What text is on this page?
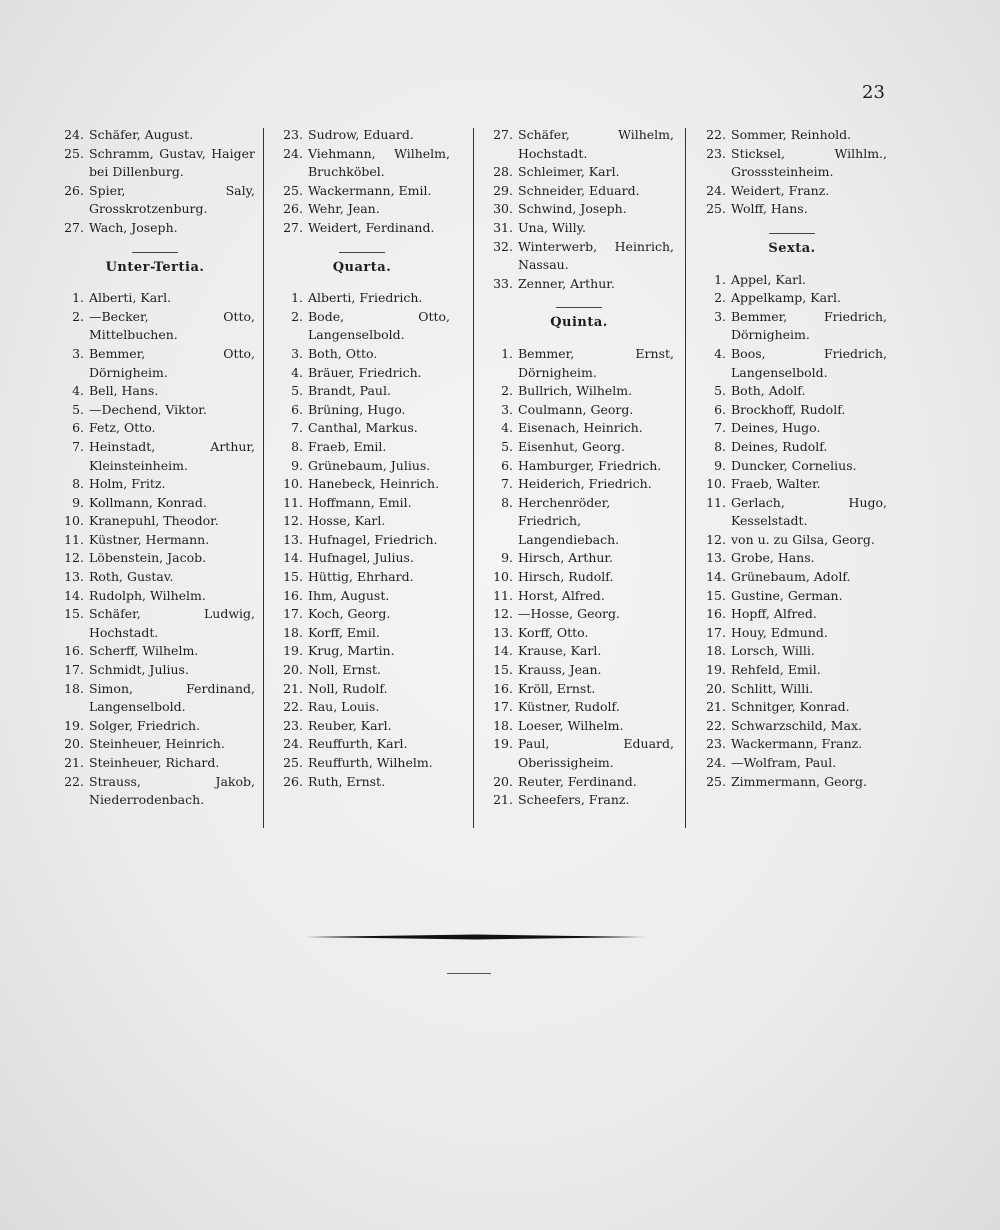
23
24. Schäfer, August.
25. Schramm, Gustav, Haiger bei Dillenburg.
26. Spier, Saly, Grosskrotzenburg.
27. Wach, Joseph.
Unter-Tertia.
1. Alberti, Karl.
2. —Becker, Otto, Mittelbuchen.
3. Bemmer, Otto, Dörnigheim.
4. Bell, Hans.
5. —Dechend, Viktor.
6. Fetz, Otto.
7. Heinstadt, Arthur, Kleinsteinheim.
8. Holm, Fritz.
9. Kollmann, Konrad.
10. Kranepuhl, Theodor.
11. Küstner, Hermann.
12. Löbenstein, Jacob.
13. Roth, Gustav.
14. Rudolph, Wilhelm.
15. Schäfer, Ludwig, Hochstadt.
16. Scherff, Wilhelm.
17. Schmidt, Julius.
18. Simon, Ferdinand, Langenselbold.
19. Solger, Friedrich.
20. Steinheuer, Heinrich.
21. Steinheuer, Richard.
22. Strauss, Jakob, Niederrodenbach.
23. Sudrow, Eduard.
24. Viehmann, Wilhelm, Bruchköbel.
25. Wackermann, Emil.
26. Wehr, Jean.
27. Weidert, Ferdinand.
Quarta.
1. Alberti, Friedrich.
2. Bode, Otto, Langenselbold.
3. Both, Otto.
4. Bräuer, Friedrich.
5. Brandt, Paul.
6. Brüning, Hugo.
7. Canthal, Markus.
8. Fraeb, Emil.
9. Grünebaum, Julius.
10. Hanebeck, Heinrich.
11. Hoffmann, Emil.
12. Hosse, Karl.
13. Hufnagel, Friedrich.
14. Hufnagel, Julius.
15. Hüttig, Ehrhard.
16. Ihm, August.
17. Koch, Georg.
18. Korff, Emil.
19. Krug, Martin.
20. Noll, Ernst.
21. Noll, Rudolf.
22. Rau, Louis.
23. Reuber, Karl.
24. Reuffurth, Karl.
25. Reuffurth, Wilhelm.
26. Ruth, Ernst.
27. Schäfer, Wilhelm, Hochstadt.
28. Schleimer, Karl.
29. Schneider, Eduard.
30. Schwind, Joseph.
31. Una, Willy.
32. Winterwerb, Heinrich, Nassau.
33. Zenner, Arthur.
Quinta.
1. Bemmer, Ernst, Dörnigheim.
2. Bullrich, Wilhelm.
3. Coulmann, Georg.
4. Eisenach, Heinrich.
5. Eisenhut, Georg.
6. Hamburger, Friedrich.
7. Heiderich, Friedrich.
8. Herchenröder, Friedrich, Langendiebach.
9. Hirsch, Arthur.
10. Hirsch, Rudolf.
11. Horst, Alfred.
12. —Hosse, Georg.
13. Korff, Otto.
14. Krause, Karl.
15. Krauss, Jean.
16. Kröll, Ernst.
17. Küstner, Rudolf.
18. Loeser, Wilhelm.
19. Paul, Eduard, Oberissigheim.
20. Reuter, Ferdinand.
21. Scheefers, Franz.
22. Sommer, Reinhold.
23. Sticksel, Wilhlm., Grosssteinheim.
24. Weidert, Franz.
25. Wolff, Hans.
Sexta.
1. Appel, Karl.
2. Appelkamp, Karl.
3. Bemmer, Friedrich, Dörnigheim.
4. Boos, Friedrich, Langenselbold.
5. Both, Adolf.
6. Brockhoff, Rudolf.
7. Deines, Hugo.
8. Deines, Rudolf.
9. Duncker, Cornelius.
10. Fraeb, Walter.
11. Gerlach, Hugo, Kesselstadt.
12. von u. zu Gilsa, Georg.
13. Grobe, Hans.
14. Grünebaum, Adolf.
15. Gustine, German.
16. Hopff, Alfred.
17. Houy, Edmund.
18. Lorsch, Willi.
19. Rehfeld, Emil.
20. Schlitt, Willi.
21. Schnitger, Konrad.
22. Schwarzschild, Max.
23. Wackermann, Franz.
24. —Wolfram, Paul.
25. Zimmermann, Georg.
